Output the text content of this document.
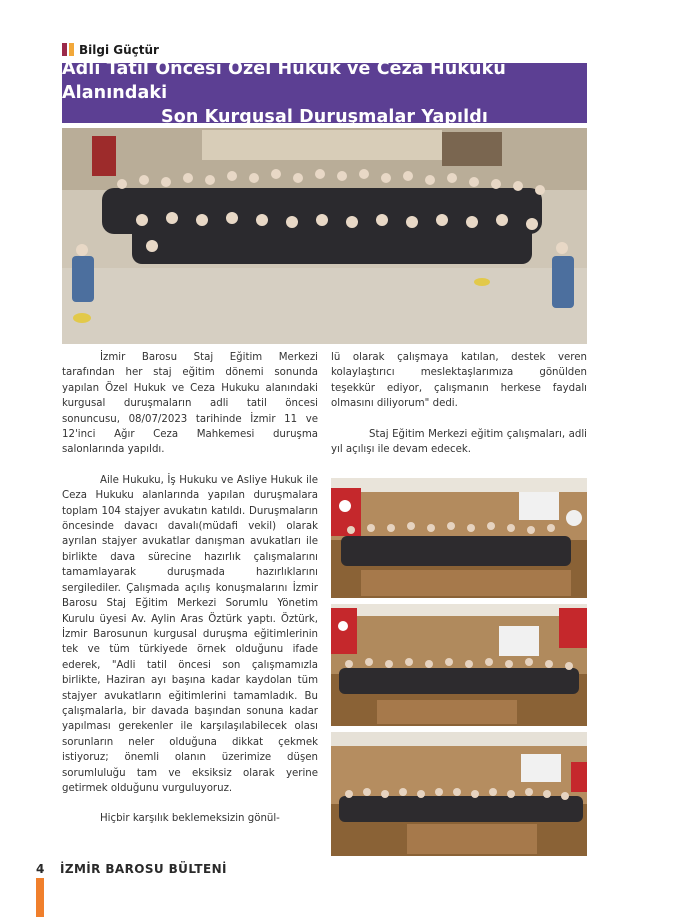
Bilgi Güçtür
Adli Tatil Öncesi Özel Hukuk ve Ceza Hukuku Alanındaki
Son Kurgusal Duruşmalar Yapıldı

İzmir Barosu Staj Eğitim Merkezi tarafından her staj eğitim dönemi sonunda yapılan Özel Hukuk ve Ceza Hukuku alanındaki kurgusal duruşmaların adli tatil öncesi sonuncusu, 08/07/2023 tarihinde İzmir 11 ve 12'inci Ağır Ceza Mahkemesi duruşma salonlarında yapıldı.

Aile Hukuku, İş Hukuku ve Asliye Hukuk ile Ceza Hukuku alanlarında yapılan duruşmalara toplam 104 stajyer avukatın katıldı. Duruşmaların öncesinde davacı davalı(müdafi vekil) olarak ayrılan stajyer avukatlar danışman avukatları ile birlikte dava sürecine hazırlık çalışmalarını tamamlayarak duruşmada hazırlıklarını sergilediler. Çalışmada açılış konuşmalarını İzmir Barosu Staj Eğitim Merkezi Sorumlu Yönetim Kurulu üyesi Av. Aylin Aras Öztürk yaptı. Öztürk, İzmir Barosunun kurgusal duruşma eğitimlerinin tek ve tüm türkiyede örnek olduğunu ifade ederek, "Adli tatil öncesi son çalışmamızla birlikte, Haziran ayı başına kadar kaydolan tüm stajyer avukatların eğitimlerini tamamladık. Bu çalışmalarla, bir davada başından sonuna kadar yapılması gerekenler ile karşılaşılabilecek olası sorunların neler olduğuna dikkat çekmek istiyoruz; önemli olanın üzerimize düşen sorumluluğu tam ve eksiksiz olarak yerine getirmek olduğunu vurguluyoruz.

Hiçbir karşılık beklemeksizin gönül-

lü olarak çalışmaya katılan, destek veren kolaylaştırıcı meslektaşlarımıza gönülden teşekkür ediyor, çalışmanın herkese faydalı olmasını diliyorum" dedi.

Staj Eğitim Merkezi eğitim çalışmaları, adli yıl açılışı ile devam edecek.

4	İZMİR BAROSU BÜLTENİ
